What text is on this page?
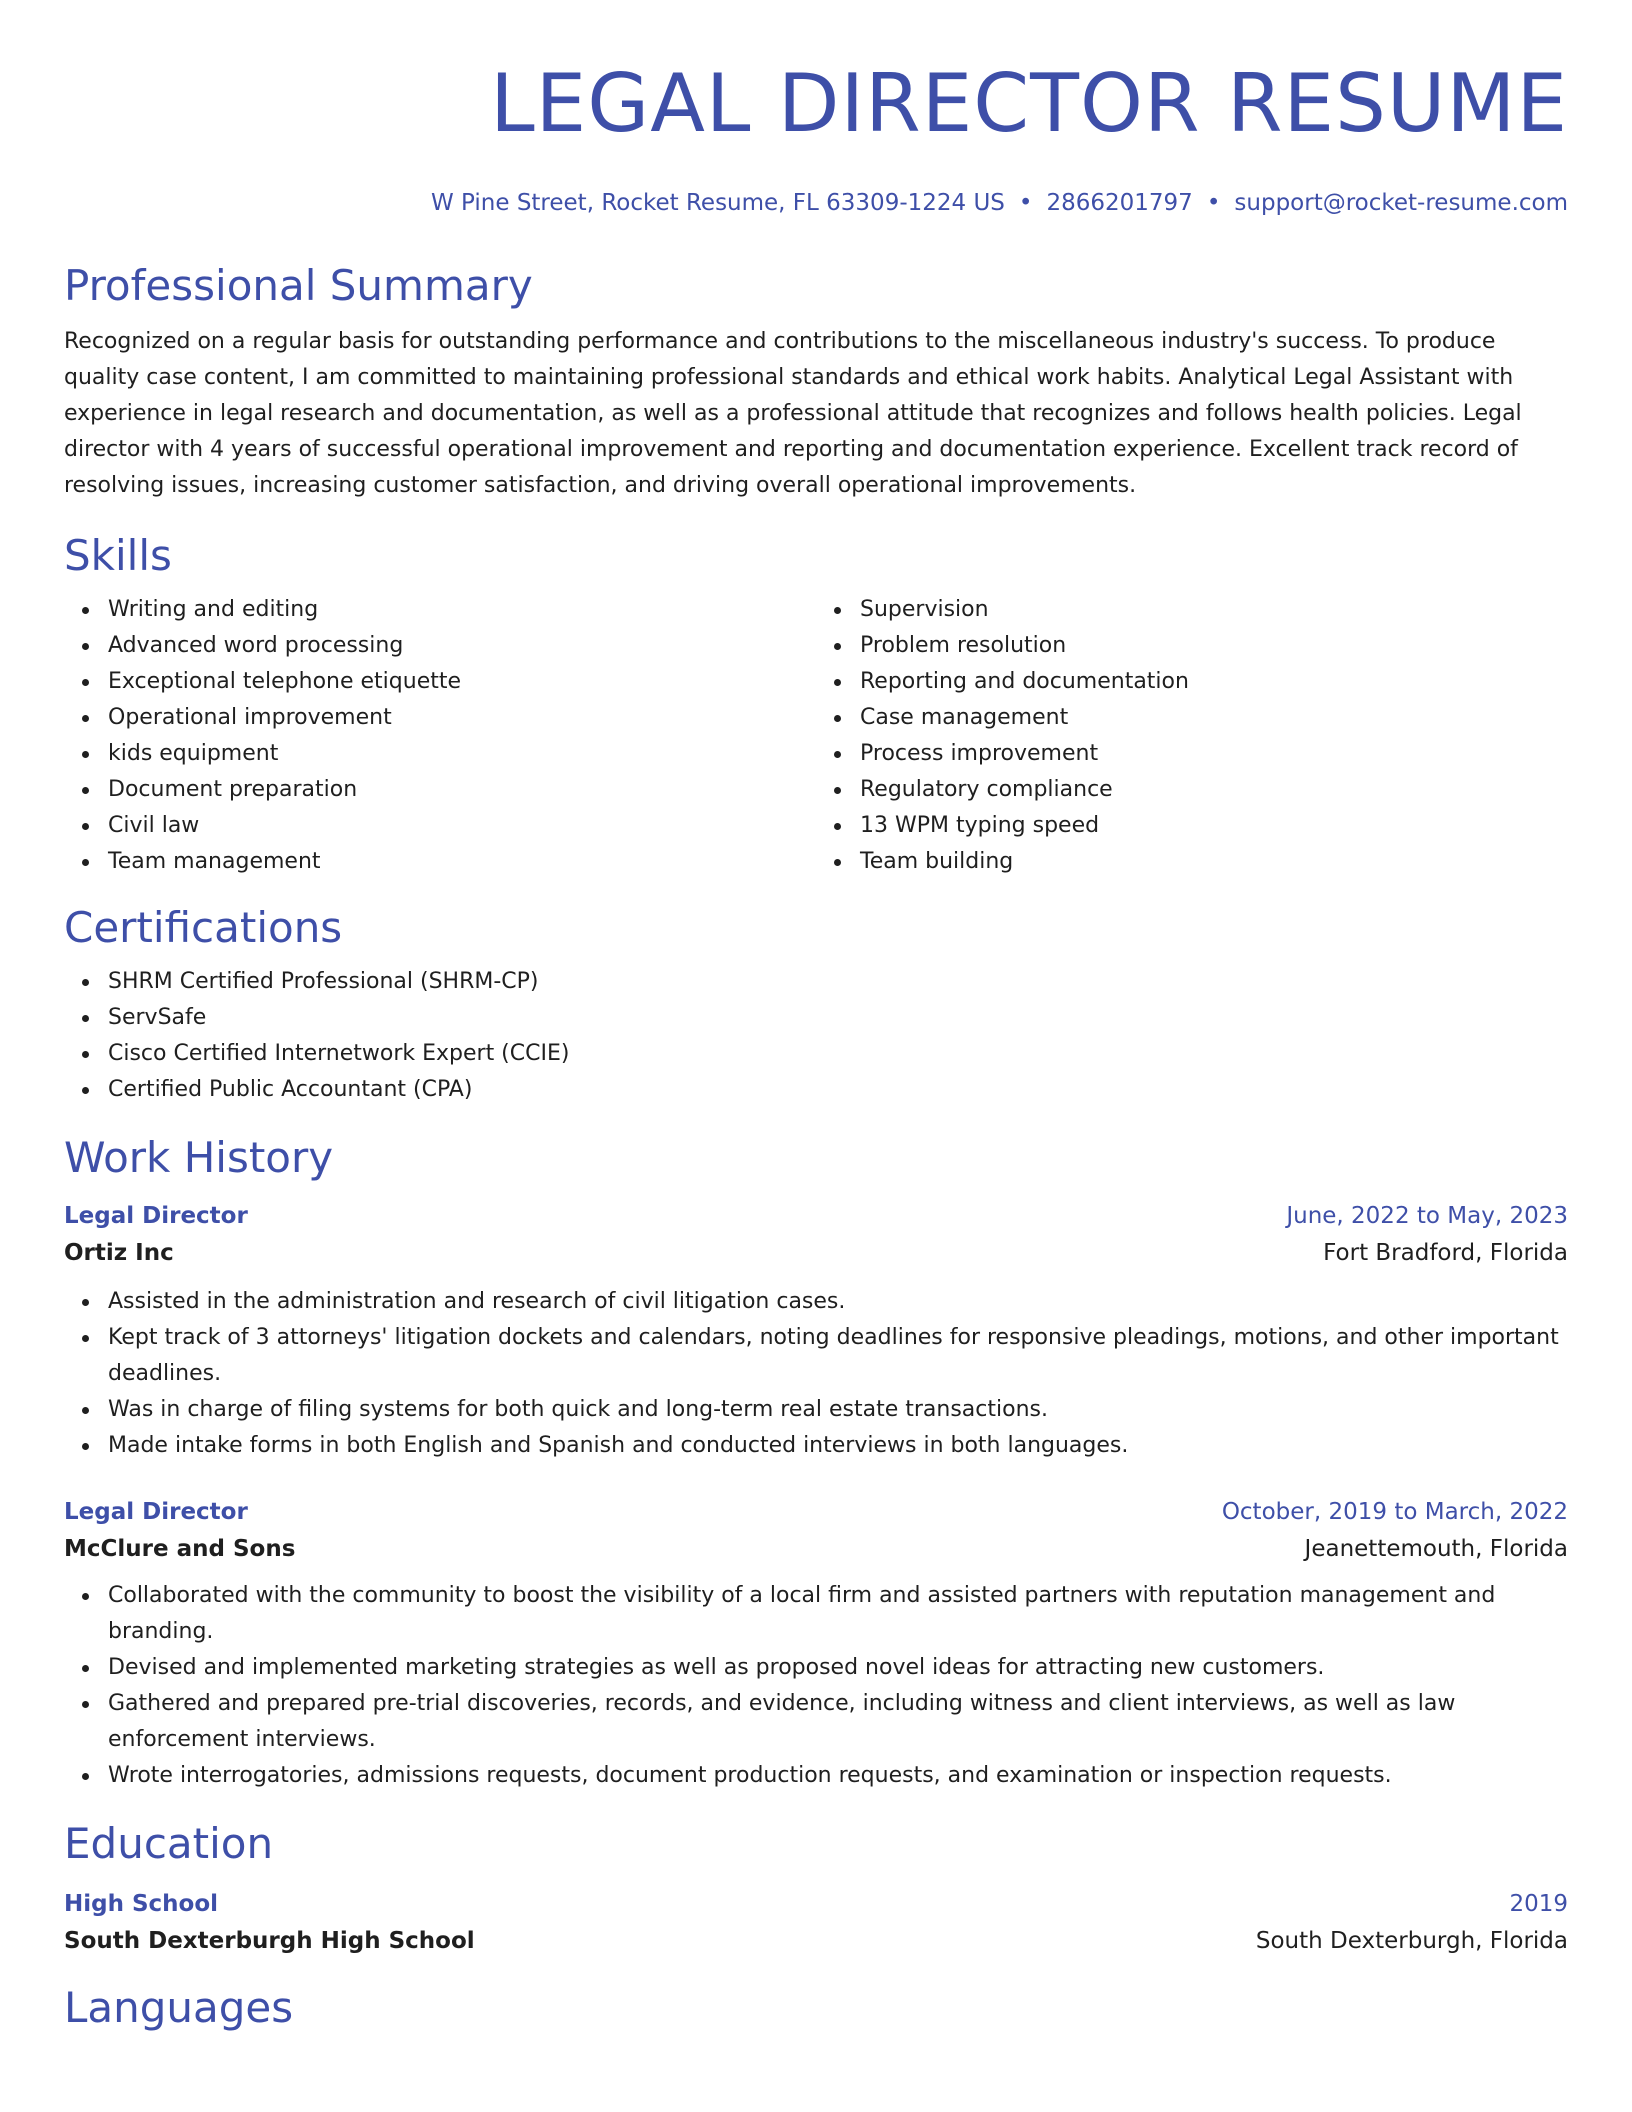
LEGAL DIRECTOR RESUME
W Pine Street, Rocket Resume, FL 63309-1224 US • 2866201797 • support@rocket-resume.com
Professional Summary

Recognized on a regular basis for outstanding performance and contributions to the miscellaneous industry's success. To produce quality case content, I am committed to maintaining professional standards and ethical work habits. Analytical Legal Assistant with experience in legal research and documentation, as well as a professional attitude that recognizes and follows health policies. Legal director with 4 years of successful operational improvement and reporting and documentation experience. Excellent track record of resolving issues, increasing customer satisfaction, and driving overall operational improvements.

Skills
Writing and editing
Advanced word processing
Exceptional telephone etiquette
Operational improvement
kids equipment
Document preparation
Civil law
Team management
Supervision
Problem resolution
Reporting and documentation
Case management
Process improvement
Regulatory compliance
13 WPM typing speed
Team building
Certifications
SHRM Certified Professional (SHRM-CP)
ServSafe
Cisco Certified Internetwork Expert (CCIE)
Certified Public Accountant (CPA)
Work History
Legal Director	June, 2022 to May, 2023
Ortiz Inc	Fort Bradford, Florida
Assisted in the administration and research of civil litigation cases.
Kept track of 3 attorneys' litigation dockets and calendars, noting deadlines for responsive pleadings, motions, and other important deadlines.
Was in charge of filing systems for both quick and long-term real estate transactions.
Made intake forms in both English and Spanish and conducted interviews in both languages.
Legal Director	October, 2019 to March, 2022
McClure and Sons	Jeanettemouth, Florida
Collaborated with the community to boost the visibility of a local firm and assisted partners with reputation management and branding.
Devised and implemented marketing strategies as well as proposed novel ideas for attracting new customers.
Gathered and prepared pre-trial discoveries, records, and evidence, including witness and client interviews, as well as law enforcement interviews.
Wrote interrogatories, admissions requests, document production requests, and examination or inspection requests.
Education
High School	2019
South Dexterburgh High School	South Dexterburgh, Florida
Languages
